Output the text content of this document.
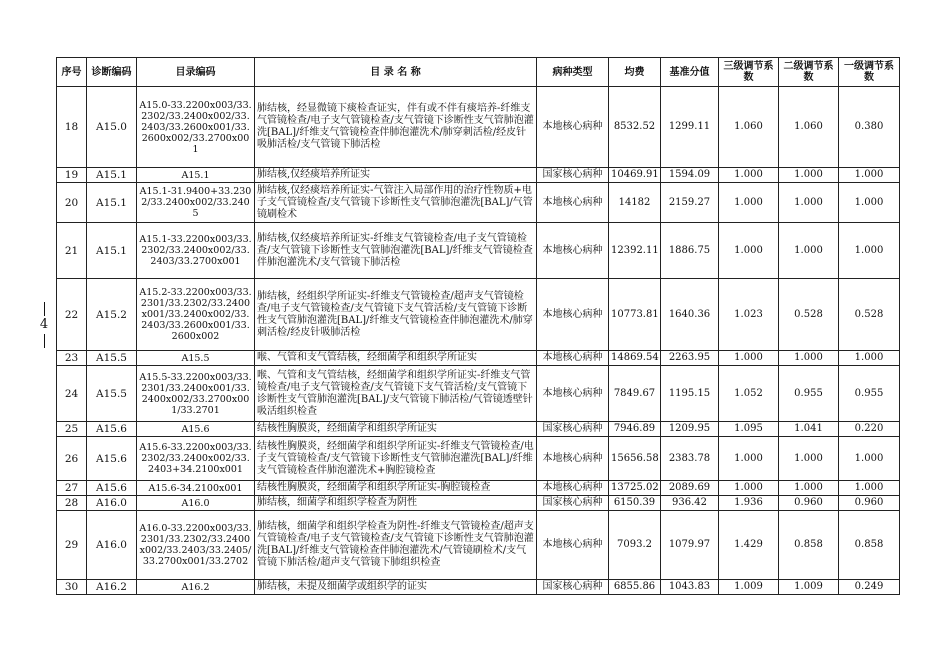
4
序号	诊断编码	目录编码	目 录 名 称	病种类型	均费	基准分值	三级调节系数	二级调节系数	一级调节系数
18	A15.0	A15.0-33.2200x003/33.2302/33.2400x002/33.2403/33.2600x001/33.2600x002/33.2700x001	肺结核，经显微镜下痰检查证实，伴有或不伴有痰培养-纤维支气管镜检查/电子支气管镜检查/支气管镜下诊断性支气管肺泡灌洗[BAL]/纤维支气管镜检查伴肺泡灌洗术/肺穿刺活检/经皮针吸肺活检/支气管镜下肺活检	本地核心病种	8532.52	1299.11	1.060	1.060	0.380
19	A15.1	A15.1	肺结核,仅经痰培养所证实	国家核心病种	10469.91	1594.09	1.000	1.000	1.000
20	A15.1	A15.1-31.9400+33.2302/33.2400x002/33.2405	肺结核,仅经痰培养所证实-气管注入局部作用的治疗性物质+电子支气管镜检查/支气管镜下诊断性支气管肺泡灌洗[BAL]/气管镜刷检术	本地核心病种	14182	2159.27	1.000	1.000	1.000
21	A15.1	A15.1-33.2200x003/33.2302/33.2400x002/33.2403/33.2700x001	肺结核,仅经痰培养所证实-纤维支气管镜检查/电子支气管镜检查/支气管镜下诊断性支气管肺泡灌洗[BAL]/纤维支气管镜检查伴肺泡灌洗术/支气管镜下肺活检	本地核心病种	12392.11	1886.75	1.000	1.000	1.000
22	A15.2	A15.2-33.2200x003/33.2301/33.2302/33.2400x001/33.2400x002/33.2403/33.2600x001/33.2600x002	肺结核，经组织学所证实-纤维支气管镜检查/超声支气管镜检查/电子支气管镜检查/支气管镜下支气管活检/支气管镜下诊断性支气管肺泡灌洗[BAL]/纤维支气管镜检查伴肺泡灌洗术/肺穿刺活检/经皮针吸肺活检	本地核心病种	10773.81	1640.36	1.023	0.528	0.528
23	A15.5	A15.5	喉、气管和支气管结核，经细菌学和组织学所证实	本地核心病种	14869.54	2263.95	1.000	1.000	1.000
24	A15.5	A15.5-33.2200x003/33.2301/33.2400x001/33.2400x002/33.2700x001/33.2701	喉、气管和支气管结核，经细菌学和组织学所证实-纤维支气管镜检查/电子支气管镜检查/支气管镜下支气管活检/支气管镜下诊断性支气管肺泡灌洗[BAL]/支气管镜下肺活检/气管镜透壁针吸活组织检查	本地核心病种	7849.67	1195.15	1.052	0.955	0.955
25	A15.6	A15.6	结核性胸膜炎，经细菌学和组织学所证实	国家核心病种	7946.89	1209.95	1.095	1.041	0.220
26	A15.6	A15.6-33.2200x003/33.2302/33.2400x002/33.2403+34.2100x001	结核性胸膜炎，经细菌学和组织学所证实-纤维支气管镜检查/电子支气管镜检查/支气管镜下诊断性支气管肺泡灌洗[BAL]/纤维支气管镜检查伴肺泡灌洗术+胸腔镜检查	本地核心病种	15656.58	2383.78	1.000	1.000	1.000
27	A15.6	A15.6-34.2100x001	结核性胸膜炎，经细菌学和组织学所证实-胸腔镜检查	本地核心病种	13725.02	2089.69	1.000	1.000	1.000
28	A16.0	A16.0	肺结核，细菌学和组织学检查为阴性	国家核心病种	6150.39	936.42	1.936	0.960	0.960
29	A16.0	A16.0-33.2200x003/33.2301/33.2302/33.2400x002/33.2403/33.2405/33.2700x001/33.2702	肺结核，细菌学和组织学检查为阴性-纤维支气管镜检查/超声支气管镜检查/电子支气管镜检查/支气管镜下诊断性支气管肺泡灌洗[BAL]/纤维支气管镜检查伴肺泡灌洗术/气管镜刷检术/支气管镜下肺活检/超声支气管镜下肺组织检查	本地核心病种	7093.2	1079.97	1.429	0.858	0.858
30	A16.2	A16.2	肺结核，未提及细菌学或组织学的证实	国家核心病种	6855.86	1043.83	1.009	1.009	0.249
